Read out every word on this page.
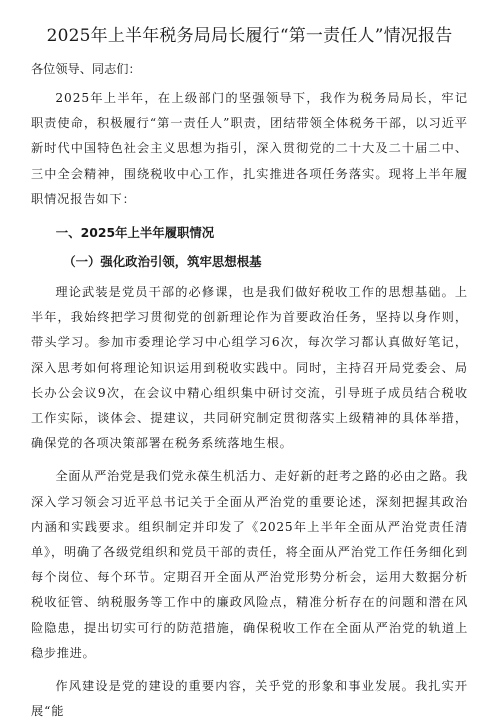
2025年上半年税务局局长履行“第一责任人”情况报告

各位领导、同志们：

2025年上半年，在上级部门的坚强领导下，我作为税务局局长，牢记职责使命，积极履行“第一责任人”职责，团结带领全体税务干部，以习近平新时代中国特色社会主义思想为指引，深入贯彻党的二十大及二十届二中、三中全会精神，围绕税收中心工作，扎实推进各项任务落实。现将上半年履职情况报告如下：

一、2025年上半年履职情况

（一）强化政治引领，筑牢思想根基

理论武装是党员干部的必修课，也是我们做好税收工作的思想基础。上半年，我始终把学习贯彻党的创新理论作为首要政治任务，坚持以身作则，带头学习。参加市委理论学习中心组学习6次，每次学习都认真做好笔记，深入思考如何将理论知识运用到税收实践中。同时，主持召开局党委会、局长办公会议9次，在会议中精心组织集中研讨交流，引导班子成员结合税收工作实际，谈体会、提建议，共同研究制定贯彻落实上级精神的具体举措，确保党的各项决策部署在税务系统落地生根。

全面从严治党是我们党永葆生机活力、走好新的赶考之路的必由之路。我深入学习领会习近平总书记关于全面从严治党的重要论述，深刻把握其政治内涵和实践要求。组织制定并印发了《2025年上半年全面从严治党责任清单》，明确了各级党组织和党员干部的责任，将全面从严治党工作任务细化到每个岗位、每个环节。定期召开全面从严治党形势分析会，运用大数据分析税收征管、纳税服务等工作中的廉政风险点，精准分析存在的问题和潜在风险隐患，提出切实可行的防范措施，确保税收工作在全面从严治党的轨道上稳步推进。

作风建设是党的建设的重要内容，关乎党的形象和事业发展。我扎实开展“能
